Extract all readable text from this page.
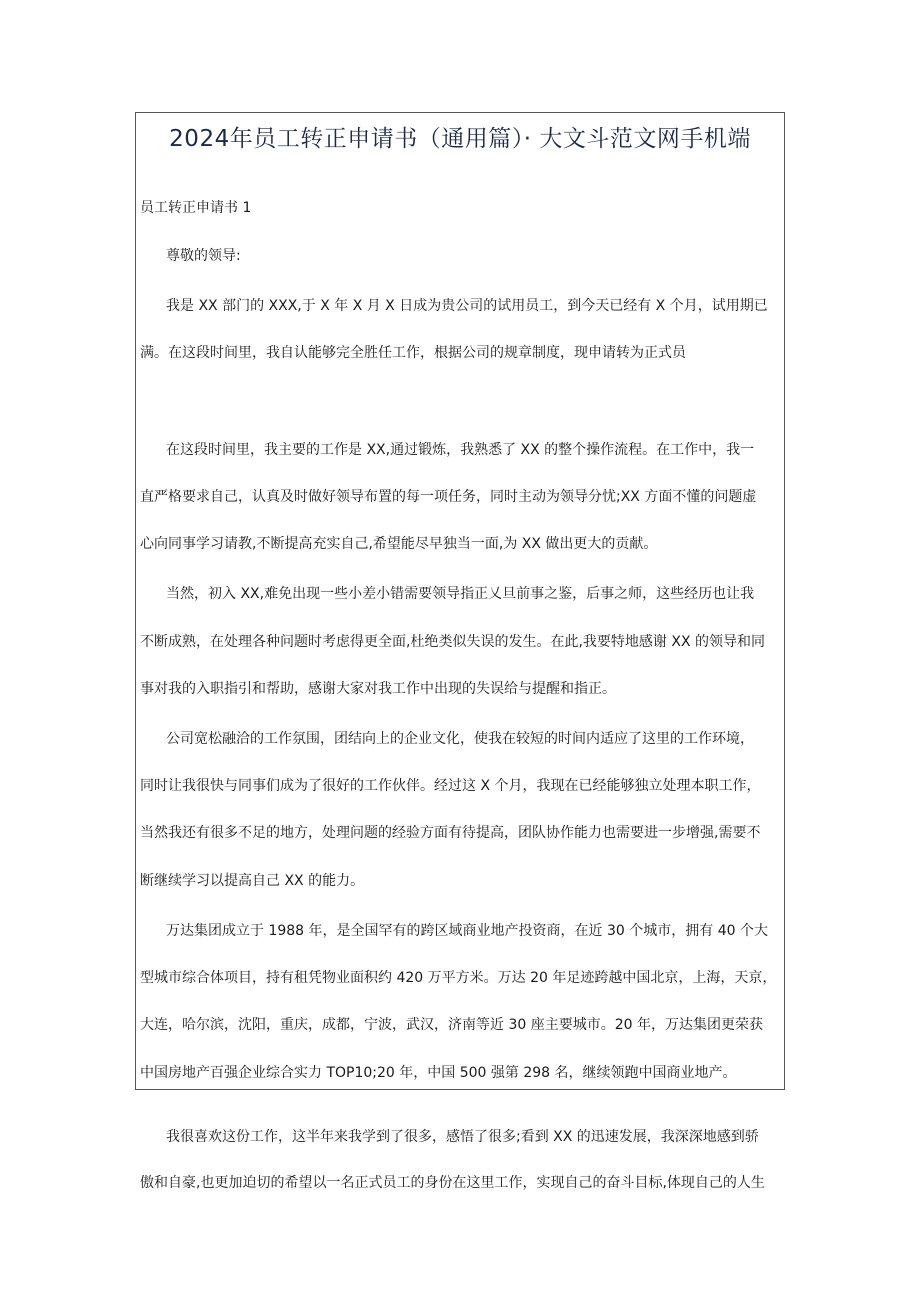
2024年员工转正申请书（通用篇）· 大文斗范文网手机端
员工转正申请书 1
尊敬的领导:
我是 XX 部门的 XXX,于 X 年 X 月 X 日成为贵公司的试用员工，到今天已经有 X 个月，试用期已
满。在这段时间里，我自认能够完全胜任工作，根据公司的规章制度，现申请转为正式员
在这段时间里，我主要的工作是 XX,通过锻炼，我熟悉了 XX 的整个操作流程。在工作中，我一
直严格要求自己，认真及时做好领导布置的每一项任务，同时主动为领导分忧;XX 方面不懂的问题虚
心向同事学习请教,不断提高充实自己,希望能尽早独当一面,为 XX 做出更大的贡献。
当然，初入 XX,难免出现一些小差小错需要领导指正乂旦前事之鉴，后事之师，这些经历也让我
不断成熟，在处理各种问题时考虑得更全面,杜绝类似失误的发生。在此,我要特地感谢 XX 的领导和同
事对我的入职指引和帮助，感谢大家对我工作中出现的失误给与提醒和指正。
公司宽松融洽的工作氛围，团结向上的企业文化，使我在较短的时间内适应了这里的工作环境，
同时让我很快与同事们成为了很好的工作伙伴。经过这 X 个月，我现在已经能够独立处理本职工作，
当然我还有很多不足的地方，处理问题的经验方面有待提高，团队协作能力也需要进一步增强,需要不
断继续学习以提高自己 XX 的能力。
万达集团成立于 1988 年，是全国罕有的跨区域商业地产投资商，在近 30 个城市，拥有 40 个大
型城市综合体项目，持有租凭物业面积约 420 万平方米。万达 20 年足迹跨越中国北京，上海，天京，
大连，哈尔滨，沈阳，重庆，成都，宁波，武汉，济南等近 30 座主要城市。20 年，万达集团更荣获
中国房地产百强企业综合实力 TOP10;20 年，中国 500 强第 298 名，继续领跑中国商业地产。
我很喜欢这份工作，这半年来我学到了很多，感悟了很多;看到 XX 的迅速发展，我深深地感到骄
傲和自豪,也更加迫切的希望以一名正式员工的身份在这里工作，实现自己的奋斗目标,体现自己的人生
